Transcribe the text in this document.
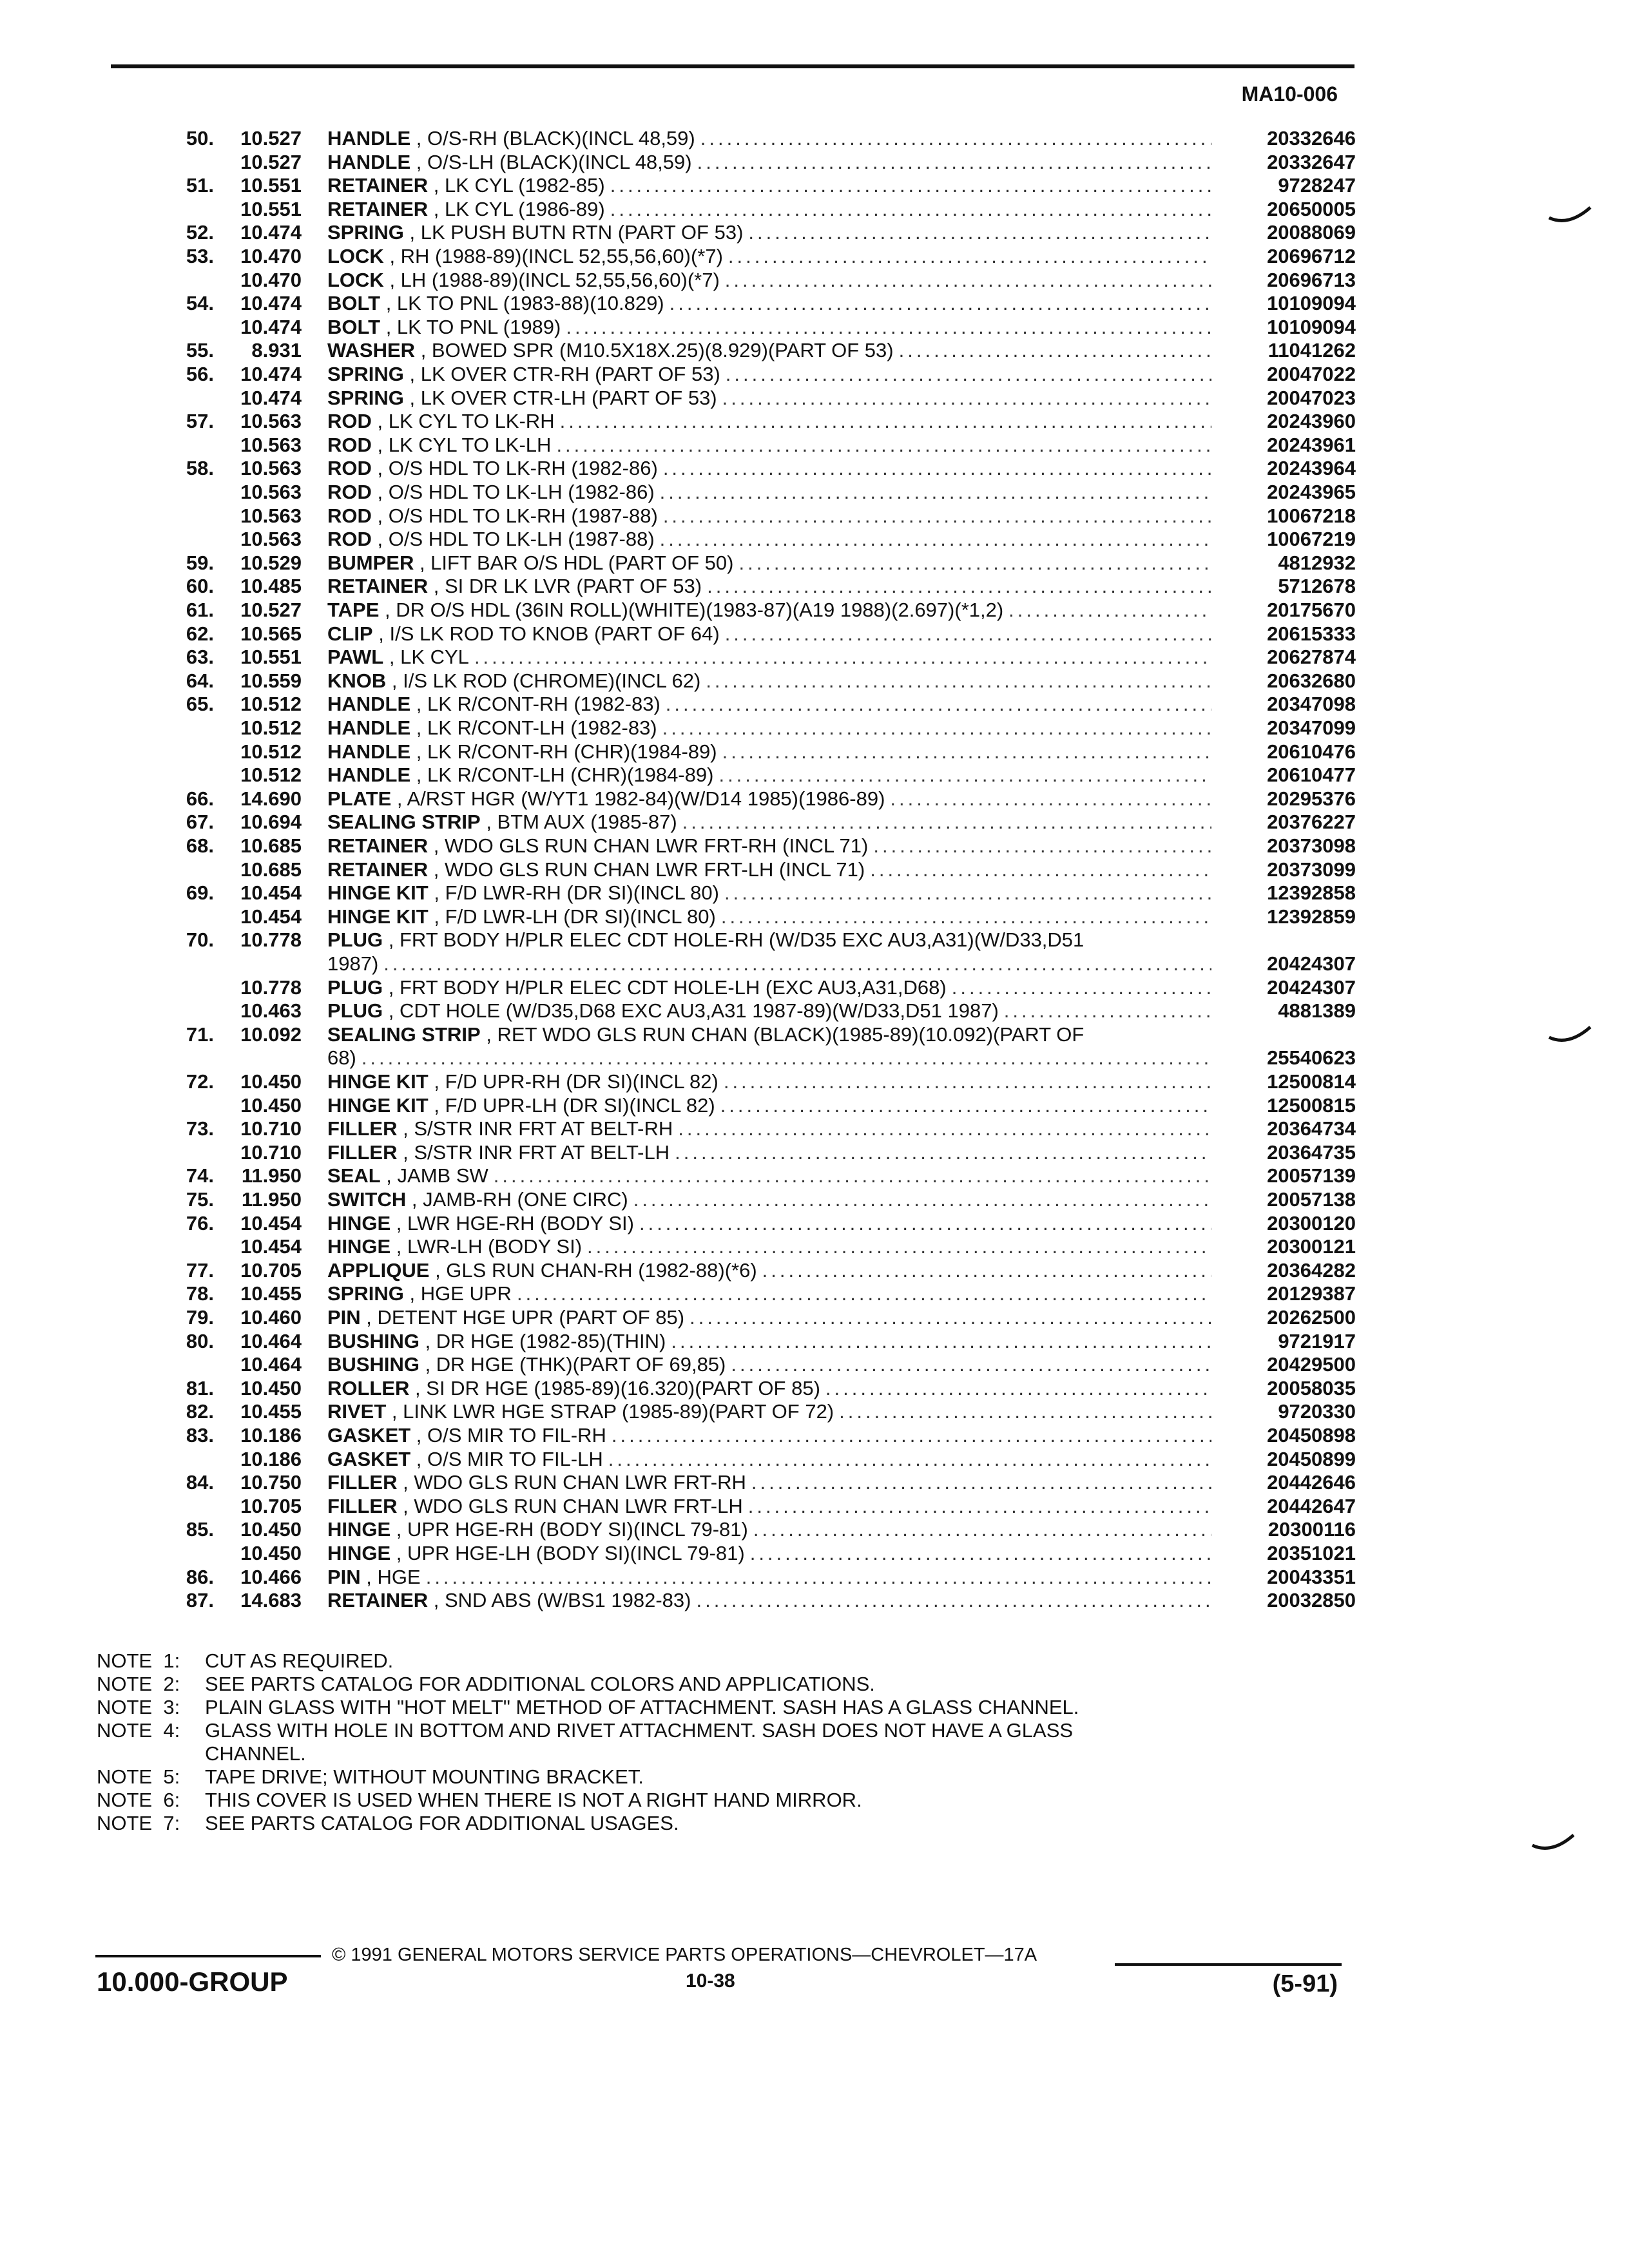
MA10-006
50. 10.527 HANDLE , O/S-RH (BLACK)(INCL 48,59) .....	20332646
10.527 HANDLE , O/S-LH (BLACK)(INCL 48,59) .....	20332647
51. 10.551 RETAINER , LK CYL (1982-85) .....	9728247
10.551 RETAINER , LK CYL (1986-89) .....	20650005
52. 10.474 SPRING , LK PUSH BUTN RTN (PART OF 53) .....	20088069
53. 10.470 LOCK , RH (1988-89)(INCL 52,55,56,60)(*7) .....	20696712
10.470 LOCK , LH (1988-89)(INCL 52,55,56,60)(*7) .....	20696713
54. 10.474 BOLT , LK TO PNL (1983-88)(10.829) .....	10109094
10.474 BOLT , LK TO PNL (1989) .....	10109094
55. 8.931 WASHER , BOWED SPR (M10.5X18X.25)(8.929)(PART OF 53) .....	11041262
56. 10.474 SPRING , LK OVER CTR-RH (PART OF 53) .....	20047022
10.474 SPRING , LK OVER CTR-LH (PART OF 53) .....	20047023
57. 10.563 ROD , LK CYL TO LK-RH .....	20243960
10.563 ROD , LK CYL TO LK-LH .....	20243961
58. 10.563 ROD , O/S HDL TO LK-RH (1982-86) .....	20243964
10.563 ROD , O/S HDL TO LK-LH (1982-86) .....	20243965
10.563 ROD , O/S HDL TO LK-RH (1987-88) .....	10067218
10.563 ROD , O/S HDL TO LK-LH (1987-88) .....	10067219
59. 10.529 BUMPER , LIFT BAR O/S HDL (PART OF 50) .....	4812932
60. 10.485 RETAINER , SI DR LK LVR (PART OF 53) .....	5712678
61. 10.527 TAPE , DR O/S HDL (36IN ROLL)(WHITE)(1983-87)(A19 1988)(2.697)(*1,2) .....	20175670
62. 10.565 CLIP , I/S LK ROD TO KNOB (PART OF 64) .....	20615333
63. 10.551 PAWL , LK CYL .....	20627874
64. 10.559 KNOB , I/S LK ROD (CHROME)(INCL 62) .....	20632680
65. 10.512 HANDLE , LK R/CONT-RH (1982-83) .....	20347098
10.512 HANDLE , LK R/CONT-LH (1982-83) .....	20347099
10.512 HANDLE , LK R/CONT-RH (CHR)(1984-89) .....	20610476
10.512 HANDLE , LK R/CONT-LH (CHR)(1984-89) .....	20610477
66. 14.690 PLATE , A/RST HGR (W/YT1 1982-84)(W/D14 1985)(1986-89) .....	20295376
67. 10.694 SEALING STRIP , BTM AUX (1985-87) .....	20376227
68. 10.685 RETAINER , WDO GLS RUN CHAN LWR FRT-RH (INCL 71) .....	20373098
10.685 RETAINER , WDO GLS RUN CHAN LWR FRT-LH (INCL 71) .....	20373099
69. 10.454 HINGE KIT , F/D LWR-RH (DR SI)(INCL 80) .....	12392858
10.454 HINGE KIT , F/D LWR-LH (DR SI)(INCL 80) .....	12392859
70. 10.778 PLUG , FRT BODY H/PLR ELEC CDT HOLE-RH (W/D35 EXC AU3,A31)(W/D33,D51
1987) .....	20424307
10.778 PLUG , FRT BODY H/PLR ELEC CDT HOLE-LH (EXC AU3,A31,D68) .....	20424307
10.463 PLUG , CDT HOLE (W/D35,D68 EXC AU3,A31 1987-89)(W/D33,D51 1987) .....	4881389
71. 10.092 SEALING STRIP , RET WDO GLS RUN CHAN (BLACK)(1985-89)(10.092)(PART OF
68) .....	25540623
72. 10.450 HINGE KIT , F/D UPR-RH (DR SI)(INCL 82) .....	12500814
10.450 HINGE KIT , F/D UPR-LH (DR SI)(INCL 82) .....	12500815
73. 10.710 FILLER , S/STR INR FRT AT BELT-RH .....	20364734
10.710 FILLER , S/STR INR FRT AT BELT-LH .....	20364735
74. 11.950 SEAL , JAMB SW .....	20057139
75. 11.950 SWITCH , JAMB-RH (ONE CIRC) .....	20057138
76. 10.454 HINGE , LWR HGE-RH (BODY SI) .....	20300120
10.454 HINGE , LWR-LH (BODY SI) .....	20300121
77. 10.705 APPLIQUE , GLS RUN CHAN-RH (1982-88)(*6) .....	20364282
78. 10.455 SPRING , HGE UPR .....	20129387
79. 10.460 PIN , DETENT HGE UPR (PART OF 85) .....	20262500
80. 10.464 BUSHING , DR HGE (1982-85)(THIN) .....	9721917
10.464 BUSHING , DR HGE (THK)(PART OF 69,85) .....	20429500
81. 10.450 ROLLER , SI DR HGE (1985-89)(16.320)(PART OF 85) .....	20058035
82. 10.455 RIVET , LINK LWR HGE STRAP (1985-89)(PART OF 72) .....	9720330
83. 10.186 GASKET , O/S MIR TO FIL-RH .....	20450898
10.186 GASKET , O/S MIR TO FIL-LH .....	20450899
84. 10.750 FILLER , WDO GLS RUN CHAN LWR FRT-RH .....	20442646
10.705 FILLER , WDO GLS RUN CHAN LWR FRT-LH .....	20442647
85. 10.450 HINGE , UPR HGE-RH (BODY SI)(INCL 79-81) .....	20300116
10.450 HINGE , UPR HGE-LH (BODY SI)(INCL 79-81) .....	20351021
86. 10.466 PIN , HGE .....	20043351
87. 14.683 RETAINER , SND ABS (W/BS1 1982-83) .....	20032850
NOTE  1: CUT AS REQUIRED.
NOTE  2: SEE PARTS CATALOG FOR ADDITIONAL COLORS AND APPLICATIONS.
NOTE  3: PLAIN GLASS WITH "HOT MELT" METHOD OF ATTACHMENT. SASH HAS A GLASS CHANNEL.
NOTE  4: GLASS WITH HOLE IN BOTTOM AND RIVET ATTACHMENT. SASH DOES NOT HAVE A GLASS
CHANNEL.
NOTE  5: TAPE DRIVE; WITHOUT MOUNTING BRACKET.
NOTE  6: THIS COVER IS USED WHEN THERE IS NOT A RIGHT HAND MIRROR.
NOTE  7: SEE PARTS CATALOG FOR ADDITIONAL USAGES.
© 1991 GENERAL MOTORS SERVICE PARTS OPERATIONS—CHEVROLET—17A
10.000-GROUP	10-38	(5-91)
